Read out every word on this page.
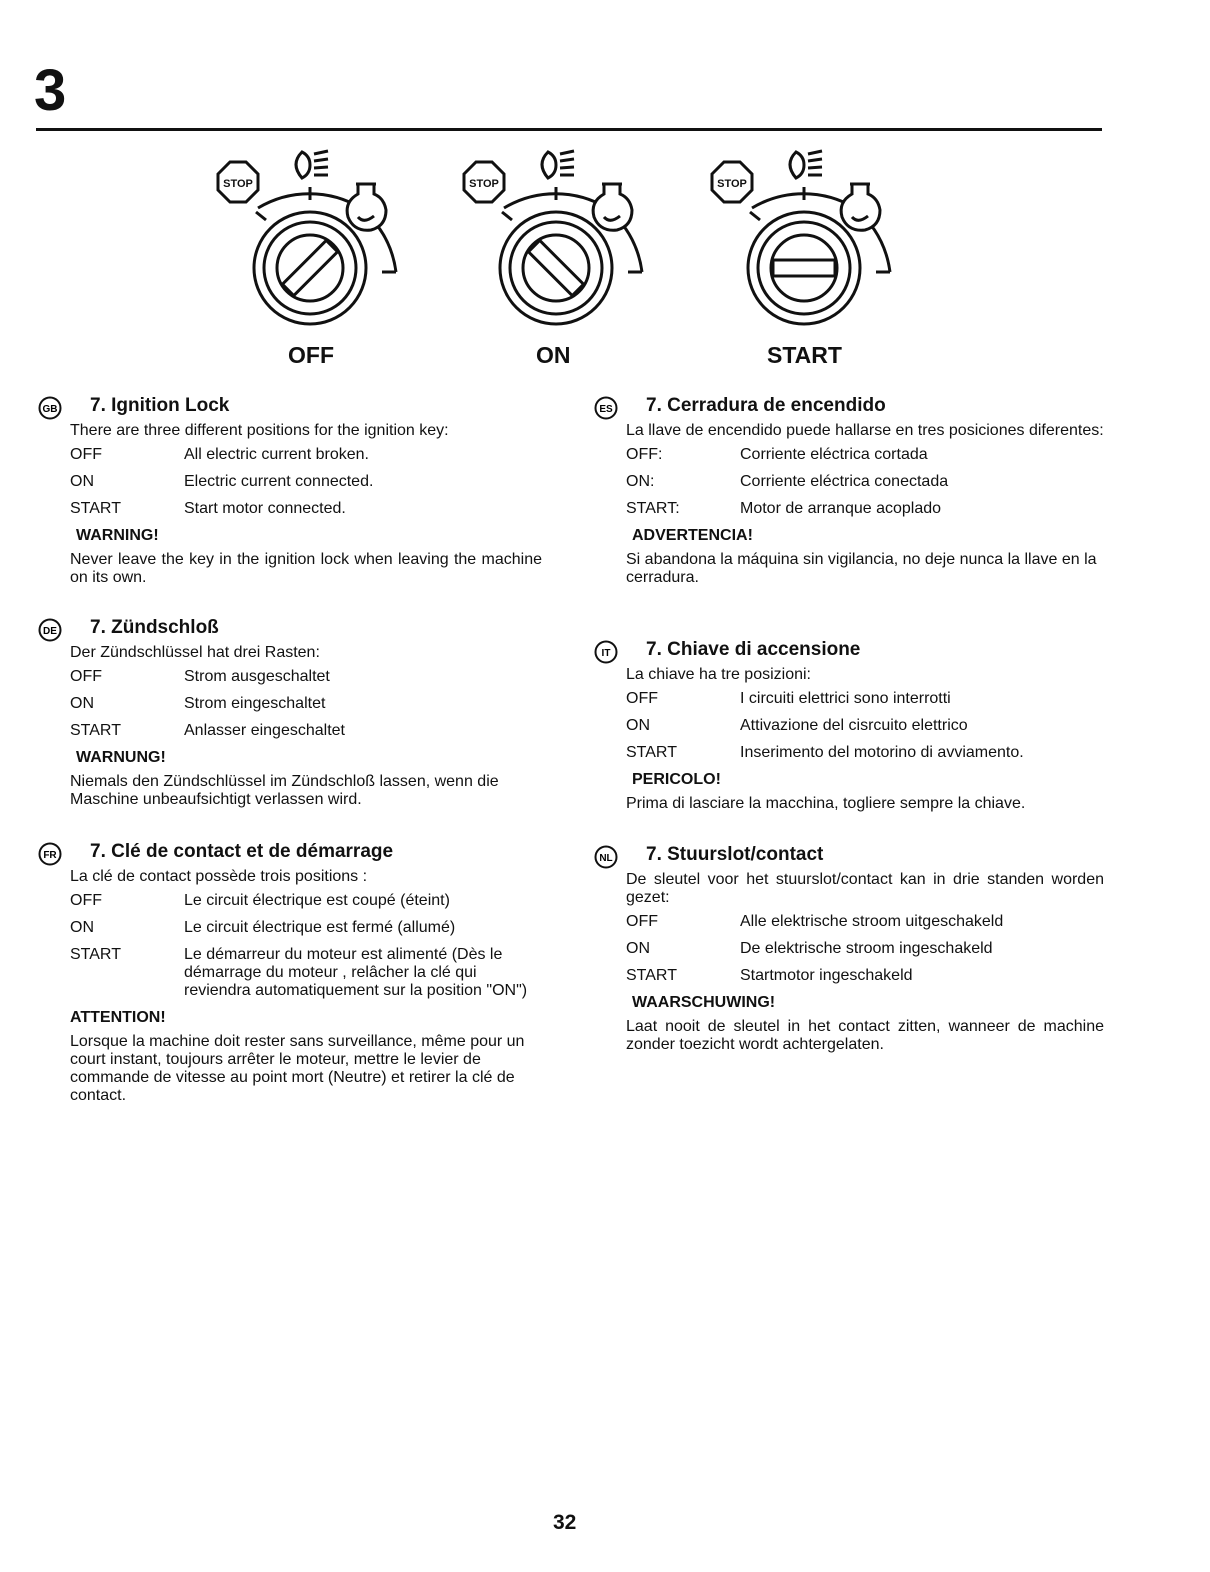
3
OFF	ON	START
GB 7. Ignition Lock
There are three different positions for the ignition key:
OFF	All electric current broken.
ON	Electric current connected.
START	Start motor connected.
WARNING!
Never leave the key in the ignition lock when leaving the machine on its own.
DE 7. Zündschloß
Der Zündschlüssel hat drei Rasten:
OFF	Strom ausgeschaltet
ON	Strom eingeschaltet
START	Anlasser eingeschaltet
WARNUNG!
Niemals den Zündschlüssel im Zündschloß lassen, wenn die Maschine unbeaufsichtigt verlassen wird.
FR 7. Clé de contact et de démarrage
La clé de contact possède trois positions :
OFF	Le circuit électrique est coupé (éteint)
ON	Le circuit électrique est fermé (allumé)
START	Le démarreur du moteur est alimenté (Dès le démarrage du moteur , relâcher la clé qui reviendra automatiquement sur la position "ON")
ATTENTION!
Lorsque la machine doit rester sans surveillance, même pour un court instant, toujours arrêter le moteur, mettre le levier de commande de vitesse au point mort (Neutre) et retirer la clé de contact.
ES 7. Cerradura de encendido
La llave de encendido puede hallarse en tres posiciones diferentes:
OFF:	Corriente eléctrica cortada
ON:	Corriente eléctrica conectada
START:	Motor de arranque acoplado
ADVERTENCIA!
Si abandona la máquina sin vigilancia, no deje nunca la llave en la cerradura.
IT 7. Chiave di accensione
La chiave ha tre posizioni:
OFF	I circuiti elettrici sono interrotti
ON	Attivazione del cisrcuito elettrico
START	Inserimento del motorino di avviamento.
PERICOLO!
Prima di lasciare la macchina, togliere sempre la chiave.
NL 7. Stuurslot/contact
De sleutel voor het stuurslot/contact kan in drie standen worden gezet:
OFF	Alle elektrische stroom uitgeschakeld
ON	De elektrische stroom ingeschakeld
START	Startmotor ingeschakeld
WAARSCHUWING!
Laat nooit de sleutel in het contact zitten, wanneer de machine zonder toezicht wordt achtergelaten.
32
